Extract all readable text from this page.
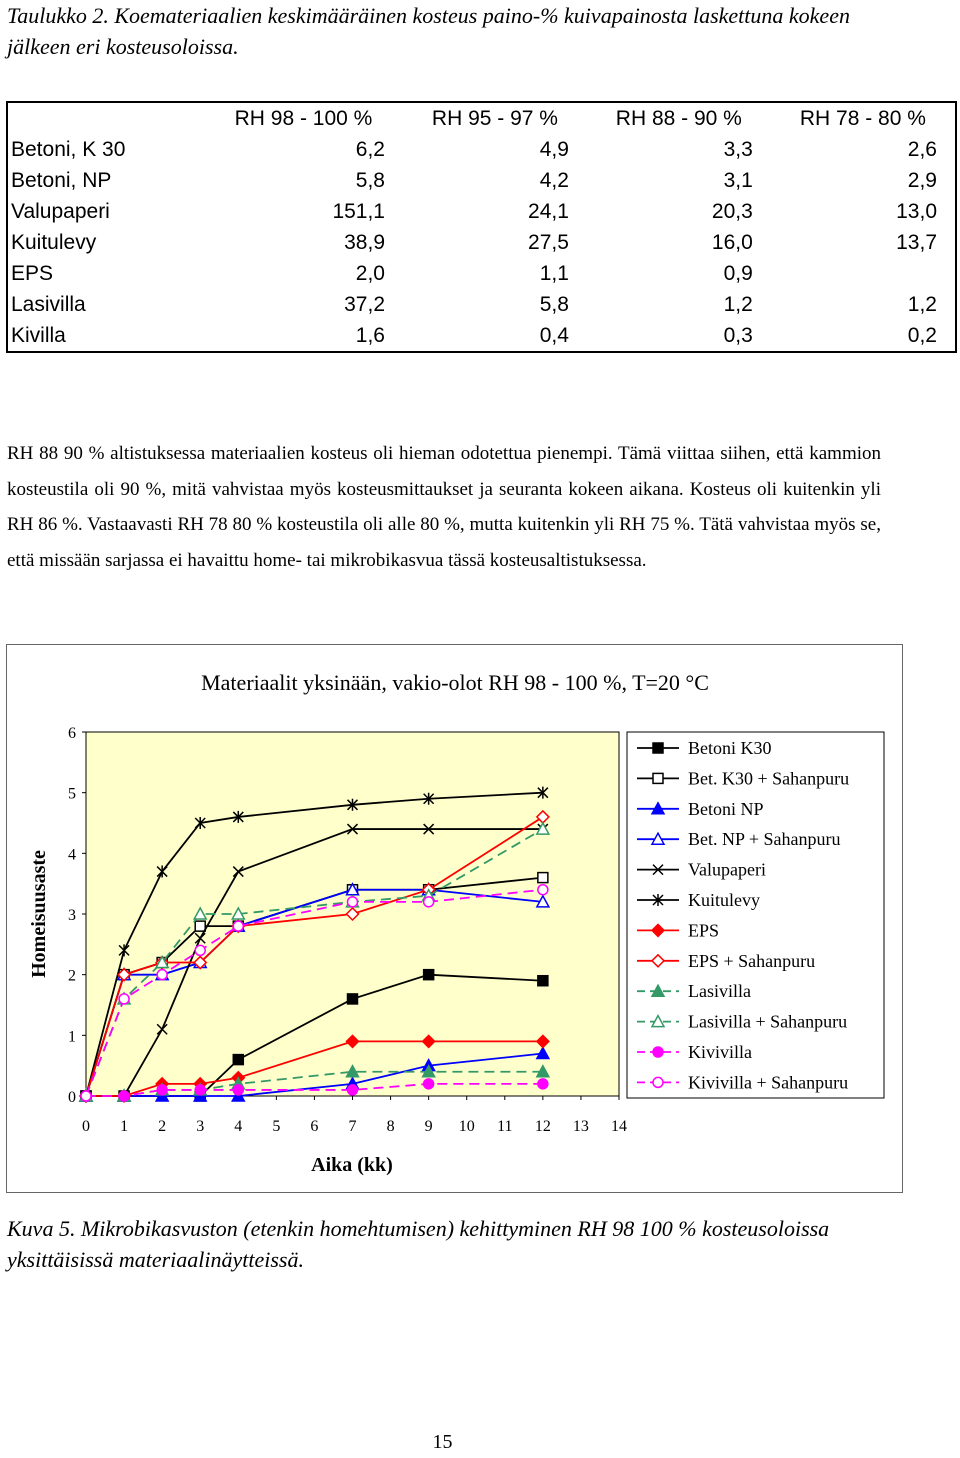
Taulukko 2. Koemateriaalien keskimääräinen kosteus paino-% kuivapainosta laskettuna kokeen jälkeen eri kosteusoloissa.
	RH 98 - 100 %	RH 95 - 97 %	RH 88 - 90 %	RH 78 - 80 %
Betoni, K 30	6,2	4,9	3,3	2,6
Betoni, NP	5,8	4,2	3,1	2,9
Valupaperi	151,1	24,1	20,3	13,0
Kuitulevy	38,9	27,5	16,0	13,7
EPS	2,0	1,1	0,9	
Lasivilla	37,2	5,8	1,2	1,2
Kivilla	1,6	0,4	0,3	0,2
RH 88 90 % altistuksessa materiaalien kosteus oli hieman odotettua pienempi. Tämä viittaa siihen, että kammion kosteustila oli 90 %, mitä vahvistaa myös kosteusmittaukset ja seuranta kokeen aikana. Kosteus oli kuitenkin yli RH 86 %. Vastaavasti RH 78 80 % kosteustila oli alle 80 %, mutta kuitenkin yli RH 75 %. Tätä vahvistaa myös se, että missään sarjassa ei havaittu home- tai mikrobikasvua tässä kosteusaltistuksessa.
Materiaalit yksinään, vakio-olot RH 98 - 100 %, T=20 °C
0 1 2 3 4 5 6 7 8 9 10 11 12 13 14
0
1
2
3
4
5
6
Aika (kk)
Homeisuusaste
Betoni K30
Bet. K30 + Sahanpuru
Betoni NP
Bet. NP + Sahanpuru
Valupaperi
Kuitulevy
EPS
EPS + Sahanpuru
Lasivilla
Lasivilla + Sahanpuru
Kivivilla
Kivivilla + Sahanpuru
Kuva 5. Mikrobikasvuston (etenkin homehtumisen) kehittyminen RH 98 100 % kosteusoloissa yksittäisissä materiaalinäytteissä.
15
